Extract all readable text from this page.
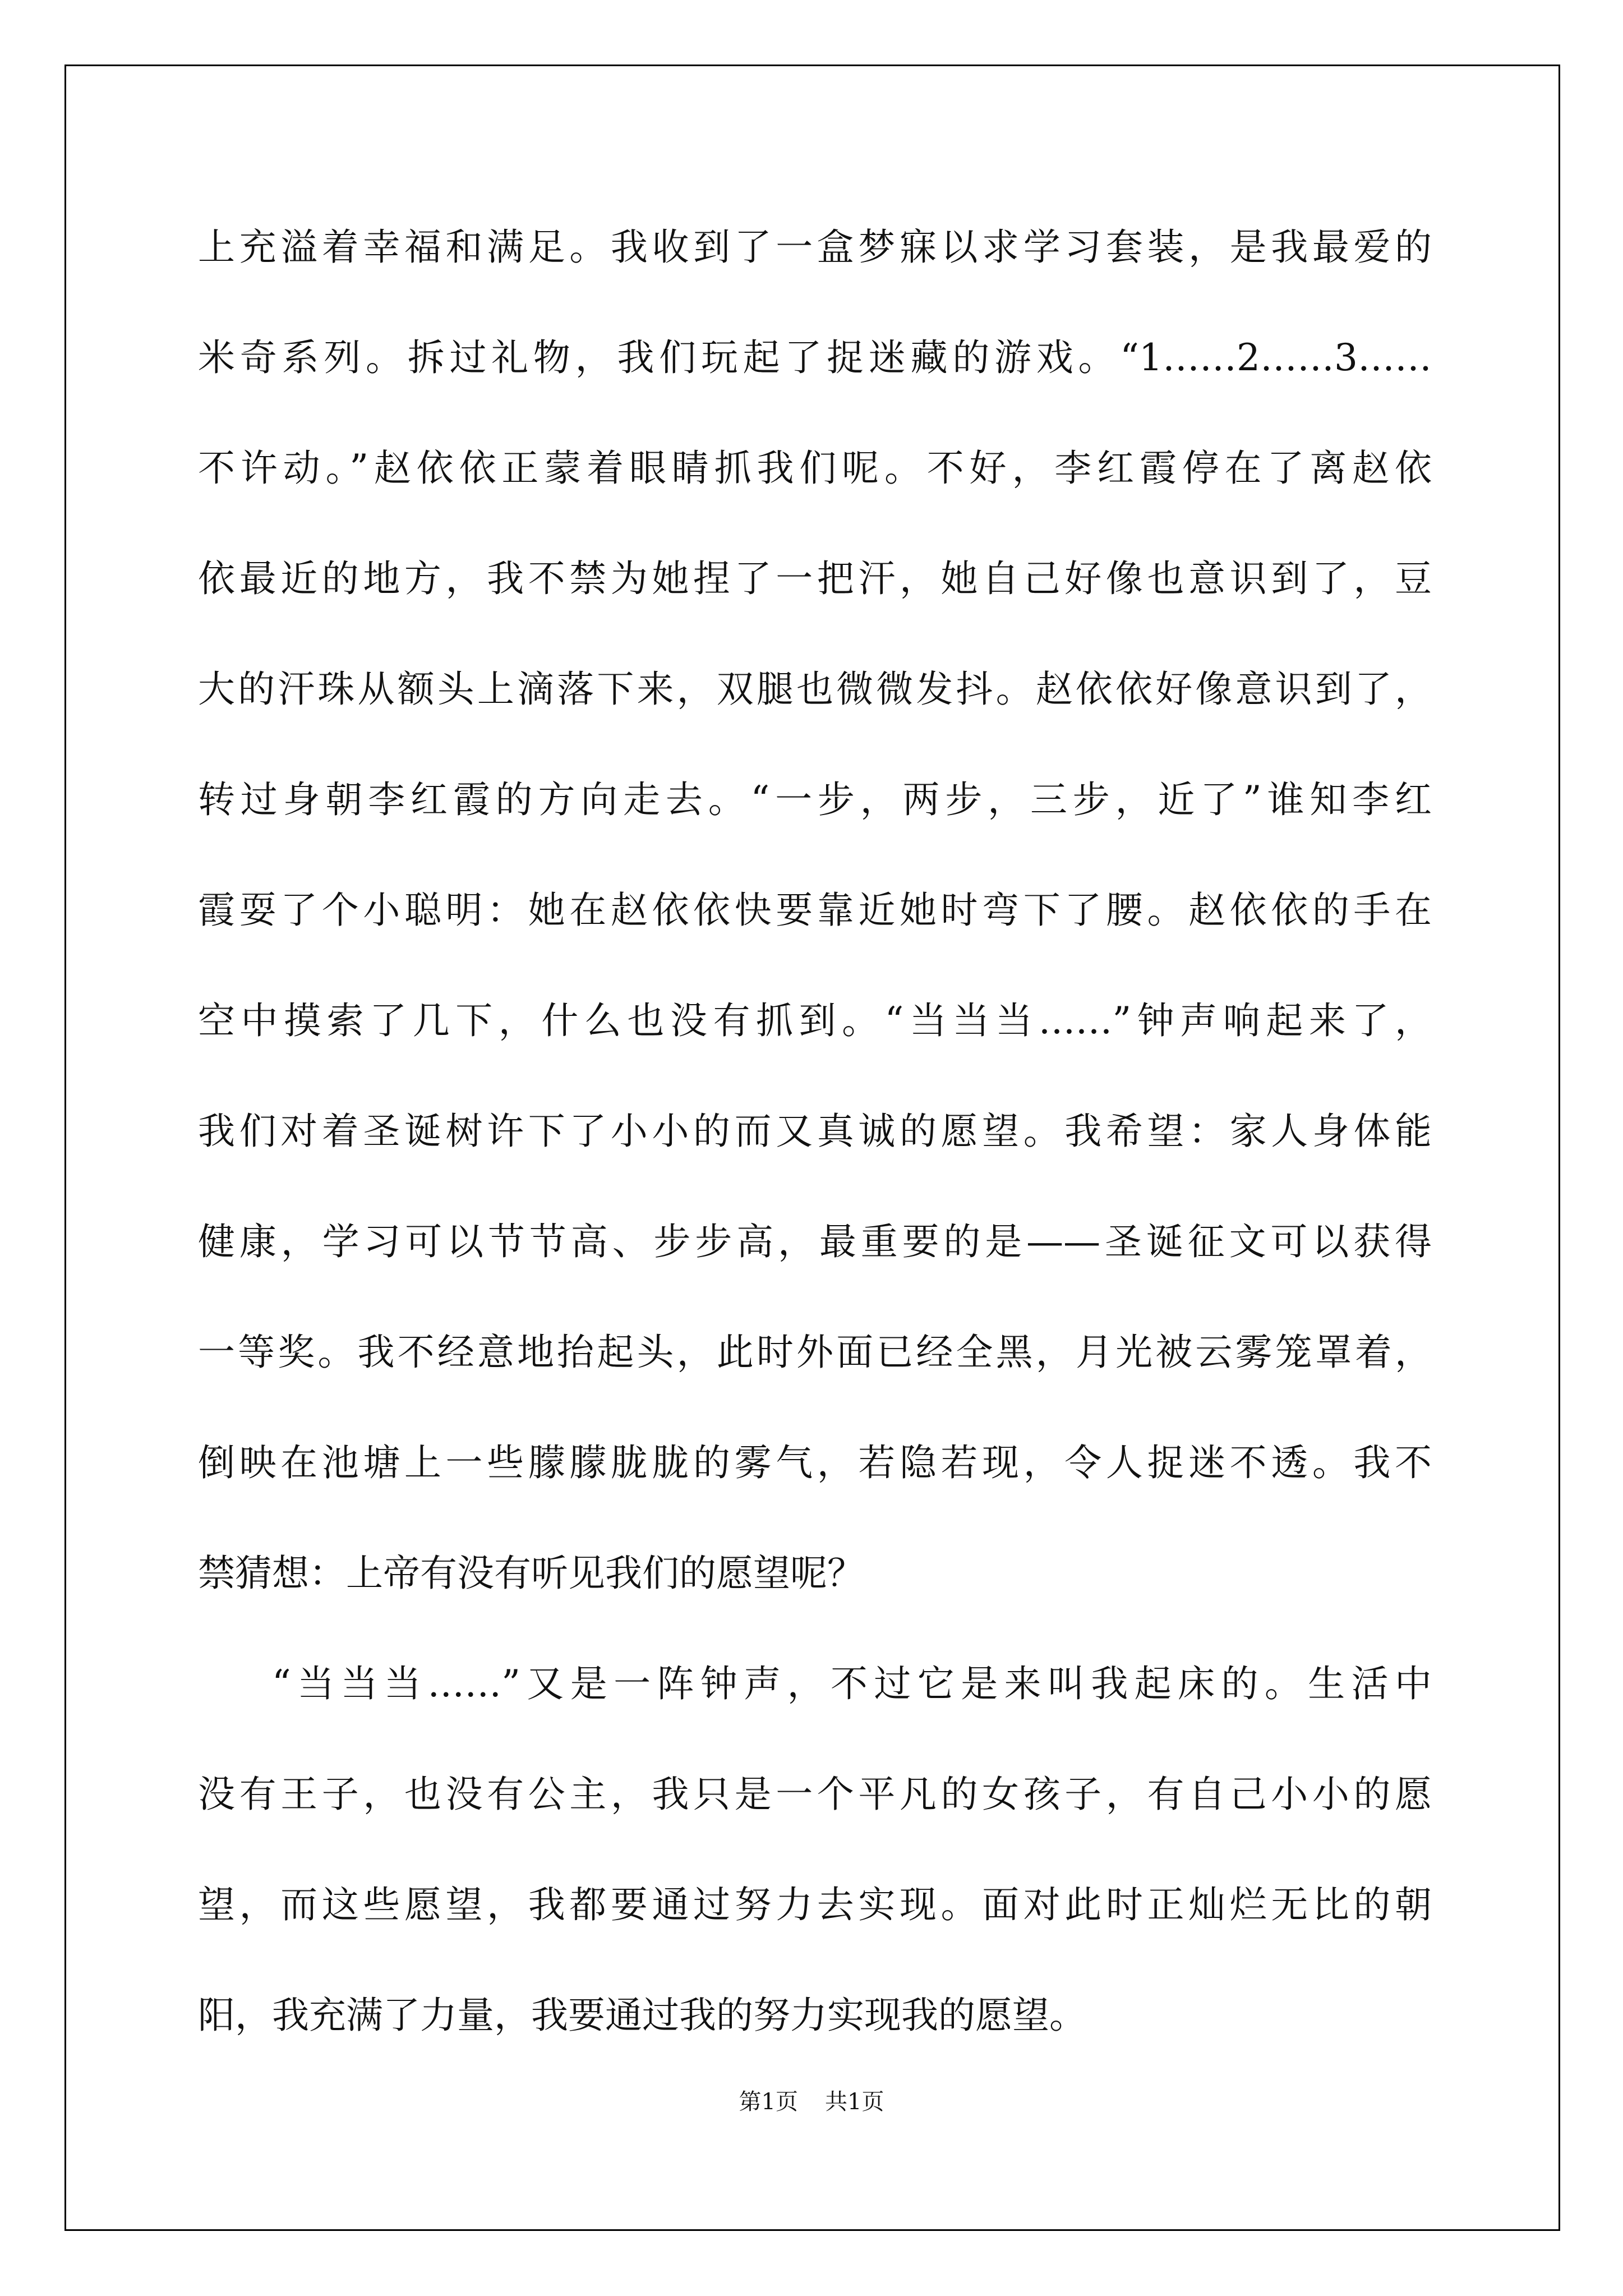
上充溢着幸福和满足。我收到了一盒梦寐以求学习套装，是我最爱的
米奇系列。拆过礼物，我们玩起了捉迷藏的游戏。“1……2……3……
不许动。”赵依依正蒙着眼睛抓我们呢。不好，李红霞停在了离赵依
依最近的地方，我不禁为她捏了一把汗，她自己好像也意识到了，豆
大的汗珠从额头上滴落下来，双腿也微微发抖。赵依依好像意识到了，
转过身朝李红霞的方向走去。“一步，两步，三步，近了”谁知李红
霞耍了个小聪明：她在赵依依快要靠近她时弯下了腰。赵依依的手在
空中摸索了几下，什么也没有抓到。“当当当……”钟声响起来了，
我们对着圣诞树许下了小小的而又真诚的愿望。我希望：家人身体能
健康，学习可以节节高、步步高，最重要的是——圣诞征文可以获得
一等奖。我不经意地抬起头，此时外面已经全黑，月光被云雾笼罩着，
倒映在池塘上一些朦朦胧胧的雾气，若隐若现，令人捉迷不透。我不
禁猜想：上帝有没有听见我们的愿望呢？
“当当当……”又是一阵钟声，不过它是来叫我起床的。生活中
没有王子，也没有公主，我只是一个平凡的女孩子，有自己小小的愿
望，而这些愿望，我都要通过努力去实现。面对此时正灿烂无比的朝
阳，我充满了力量，我要通过我的努力实现我的愿望。
第1页 共1页
